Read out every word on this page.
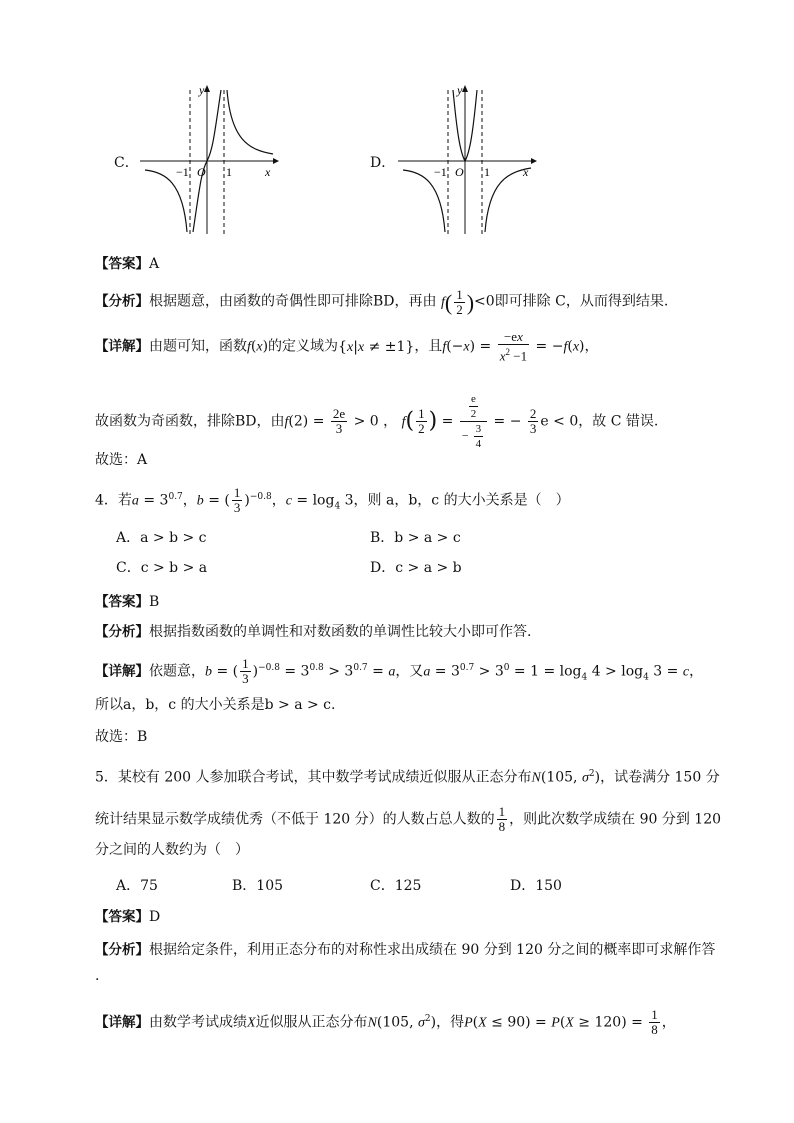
C．
y
x
O
−1	1
D．
y
x
O
−1	1
【答案】A
【分析】根据题意，由函数的奇偶性即可排除BD，再由 $f( \frac{1}{2} )<0$即可排除 C，从而得到结果.
【详解】由题可知，函数f(x)的定义域为{x|x ≠ ±1}，且$f(-x) = \frac{-ex}{x^2 -1} = -f(x)$，
故函数为奇函数，排除BD，由$f(2) = \frac{2e}{3} > 0$ ， $f( \frac{1}{2}$ ) = $\frac{\frac{e}{2}}{- \frac{3}{4}}$ = − $\frac{2}{3}$ e < 0，故 C 错误.
故选：A
4．若$a = 3^{0.7}$，b = ( $\frac{1}{3} )^{-0.8}$，$c = \log_4 3$，则 a，b，c 的大小关系是（　）
A．a > b > c	B．b > a > c
C．c > b > a	D．c > a > b
【答案】B
【分析】根据指数函数的单调性和对数函数的单调性比较大小即可作答.
【详解】依题意，b = ( $\frac{1}{3} )^{-0.8} = 3^{0.8} > 3^{0.7} = a$，又$a = 3^{0.7} > 3^0 = 1 = \log_4 4 > \log_4 3 = c$，
所以a，b，c 的大小关系是b > a > c.
故选：B
5．某校有 200 人参加联合考试，其中数学考试成绩近似服从正态分布N(105, $\sigma^2$)，试卷满分 150 分
统计结果显示数学成绩优秀（不低于 120 分）的人数占总人数的 $\frac{1}{8}$ ，则此次数学成绩在 90 分到 120
分之间的人数约为（　）
A．75	B．105	C．125	D．150
【答案】D
【分析】根据给定条件，利用正态分布的对称性求出成绩在 90 分到 120 分之间的概率即可求解作答
.
【详解】由数学考试成绩X近似服从正态分布N(105, $\sigma^2$)，得$P(X \le 90) = P(X \ge 120) = \frac{1}{8}$ ，
